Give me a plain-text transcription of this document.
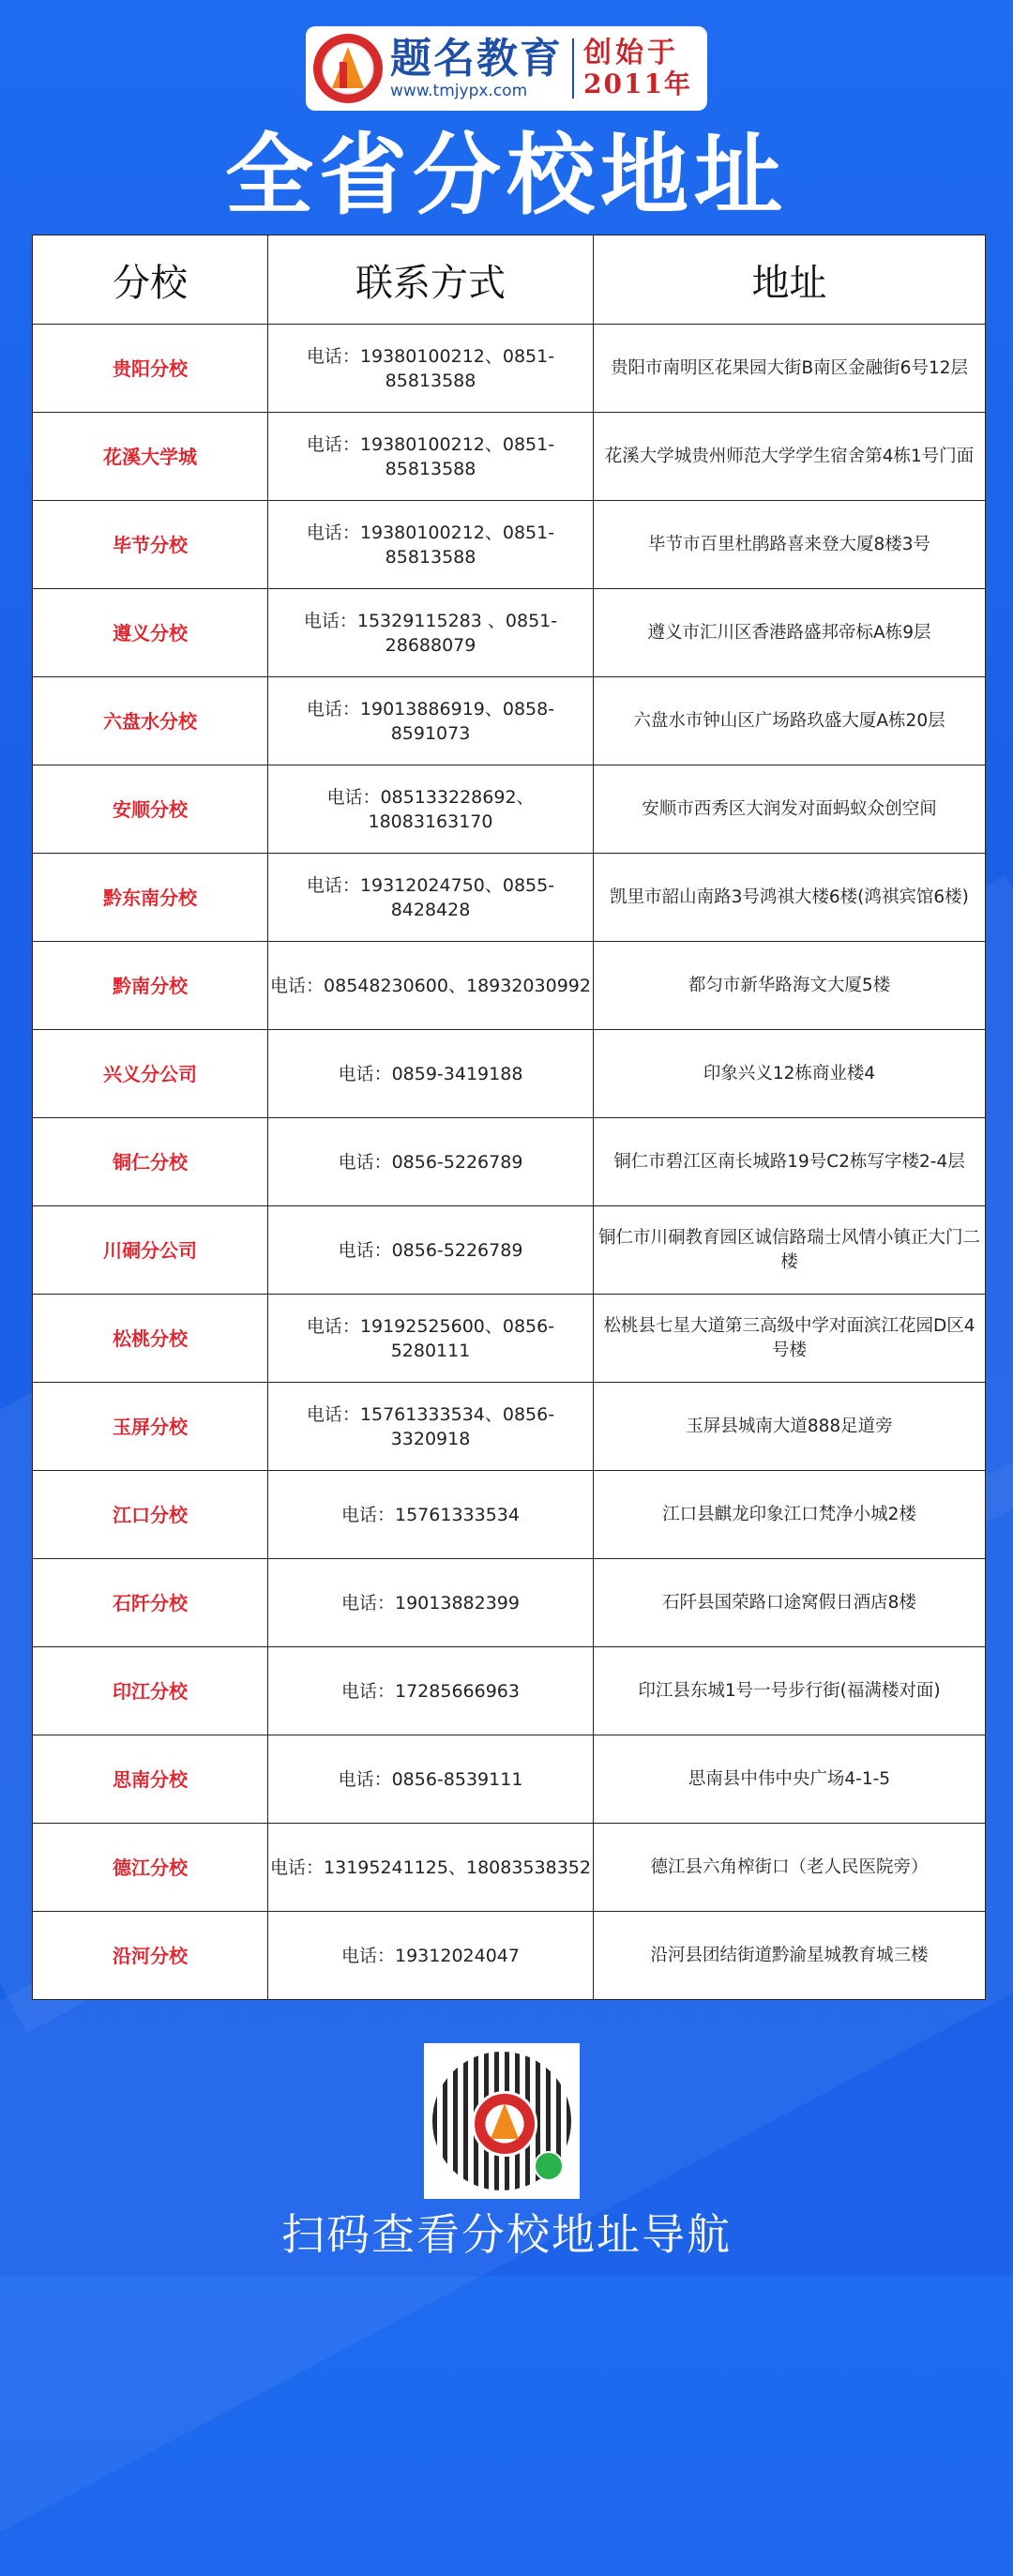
题名教育
www.tmjypx.com
创始于
2011年
全省分校地址
分校	联系方式	地址
贵阳分校	电话：19380100212、0851-85813588	贵阳市南明区花果园大街B南区金融街6号12层
花溪大学城	电话：19380100212、0851-85813588	花溪大学城贵州师范大学学生宿舍第4栋1号门面
毕节分校	电话：19380100212、0851-85813588	毕节市百里杜鹃路喜来登大厦8楼3号
遵义分校	电话：15329115283 、0851-28688079	遵义市汇川区香港路盛邦帝标A栋9层
六盘水分校	电话：19013886919、0858-8591073	六盘水市钟山区广场路玖盛大厦A栋20层
安顺分校	电话：085133228692、18083163170	安顺市西秀区大润发对面蚂蚁众创空间
黔东南分校	电话：19312024750、0855-8428428	凯里市韶山南路3号鸿祺大楼6楼(鸿祺宾馆6楼)
黔南分校	电话：08548230600、18932030992	都匀市新华路海文大厦5楼
兴义分公司	电话：0859-3419188	印象兴义12栋商业楼4
铜仁分校	电话：0856-5226789	铜仁市碧江区南长城路19号C2栋写字楼2-4层
川硐分公司	电话：0856-5226789	铜仁市川硐教育园区诚信路瑞士风情小镇正大门二楼
松桃分校	电话：19192525600、0856-5280111	松桃县七星大道第三高级中学对面滨江花园D区4号楼
玉屏分校	电话：15761333534、0856-3320918	玉屏县城南大道888足道旁
江口分校	电话：15761333534	江口县麒龙印象江口梵净小城2楼
石阡分校	电话：19013882399	石阡县国荣路口途窝假日酒店8楼
印江分校	电话：17285666963	印江县东城1号一号步行街(福满楼对面)
思南分校	电话：0856-8539111	思南县中伟中央广场4-1-5
德江分校	电话：13195241125、18083538352	德江县六角榨街口（老人民医院旁）
沿河分校	电话：19312024047	沿河县团结街道黔渝星城教育城三楼
扫码查看分校地址导航
